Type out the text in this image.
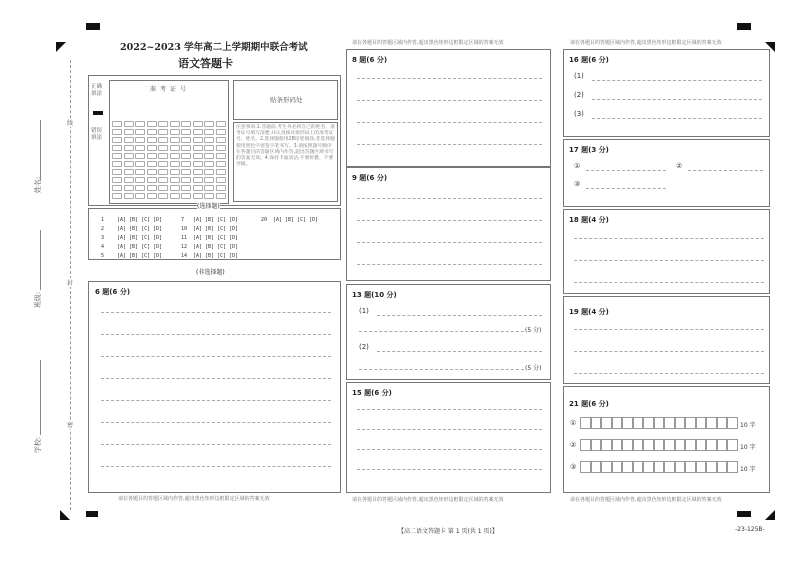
姓名:
班级:
学校:
线
封
密
2022~2023 学年高二上学期期中联合考试
语文答题卡
正确填涂
错误填涂
准考证号
贴条形码处
注意事项:1.答题前,考生务必将自己的姓名、准考证号填写清楚,并认真核对条形码上的准考证号、姓名。2.选择题使用2B铅笔填涂,非选择题使用黑色字迹签字笔书写。3.请按照题号顺序在各题目的答题区域内作答,超出答题区域书写的答案无效。4.保持卡面清洁,不要折叠、不要弄破。
(选择题)
1	[A] [B] [C] [D]
2	[A] [B] [C] [D]
3	[A] [B] [C] [D]
4	[A] [B] [C] [D]
5	[A] [B] [C] [D]
7 [A] [B] [C] [D]
10 [A] [B] [C] [D]
11 [A] [B] [C] [D]
12 [A] [B] [C] [D]
14 [A] [B] [C] [D]
20 [A] [B] [C] [D]
(非选择题)
6 题(6 分)
请在各题目的答题区域内作答,超出黑色矩形边框限定区域的答案无效
请在各题目的答题区域内作答,超出黑色矩形边框限定区域的答案无效
8 题(6 分)
9 题(6 分)
13 题(10 分)
(1)
(5 分)
(2)
(5 分)
15 题(6 分)
请在各题目的答题区域内作答,超出黑色矩形边框限定区域的答案无效
请在各题目的答题区域内作答,超出黑色矩形边框限定区域的答案无效
16 题(6 分)
(1)
(2)
(3)
17 题(3 分)
①	②
③
18 题(4 分)
19 题(4 分)
21 题(6 分)
①	10 字
②	10 字
③	10 字
请在各题目的答题区域内作答,超出黑色矩形边框限定区域的答案无效
【高二语文答题卡 第 1 页(共 1 页)】	-23-125B-
